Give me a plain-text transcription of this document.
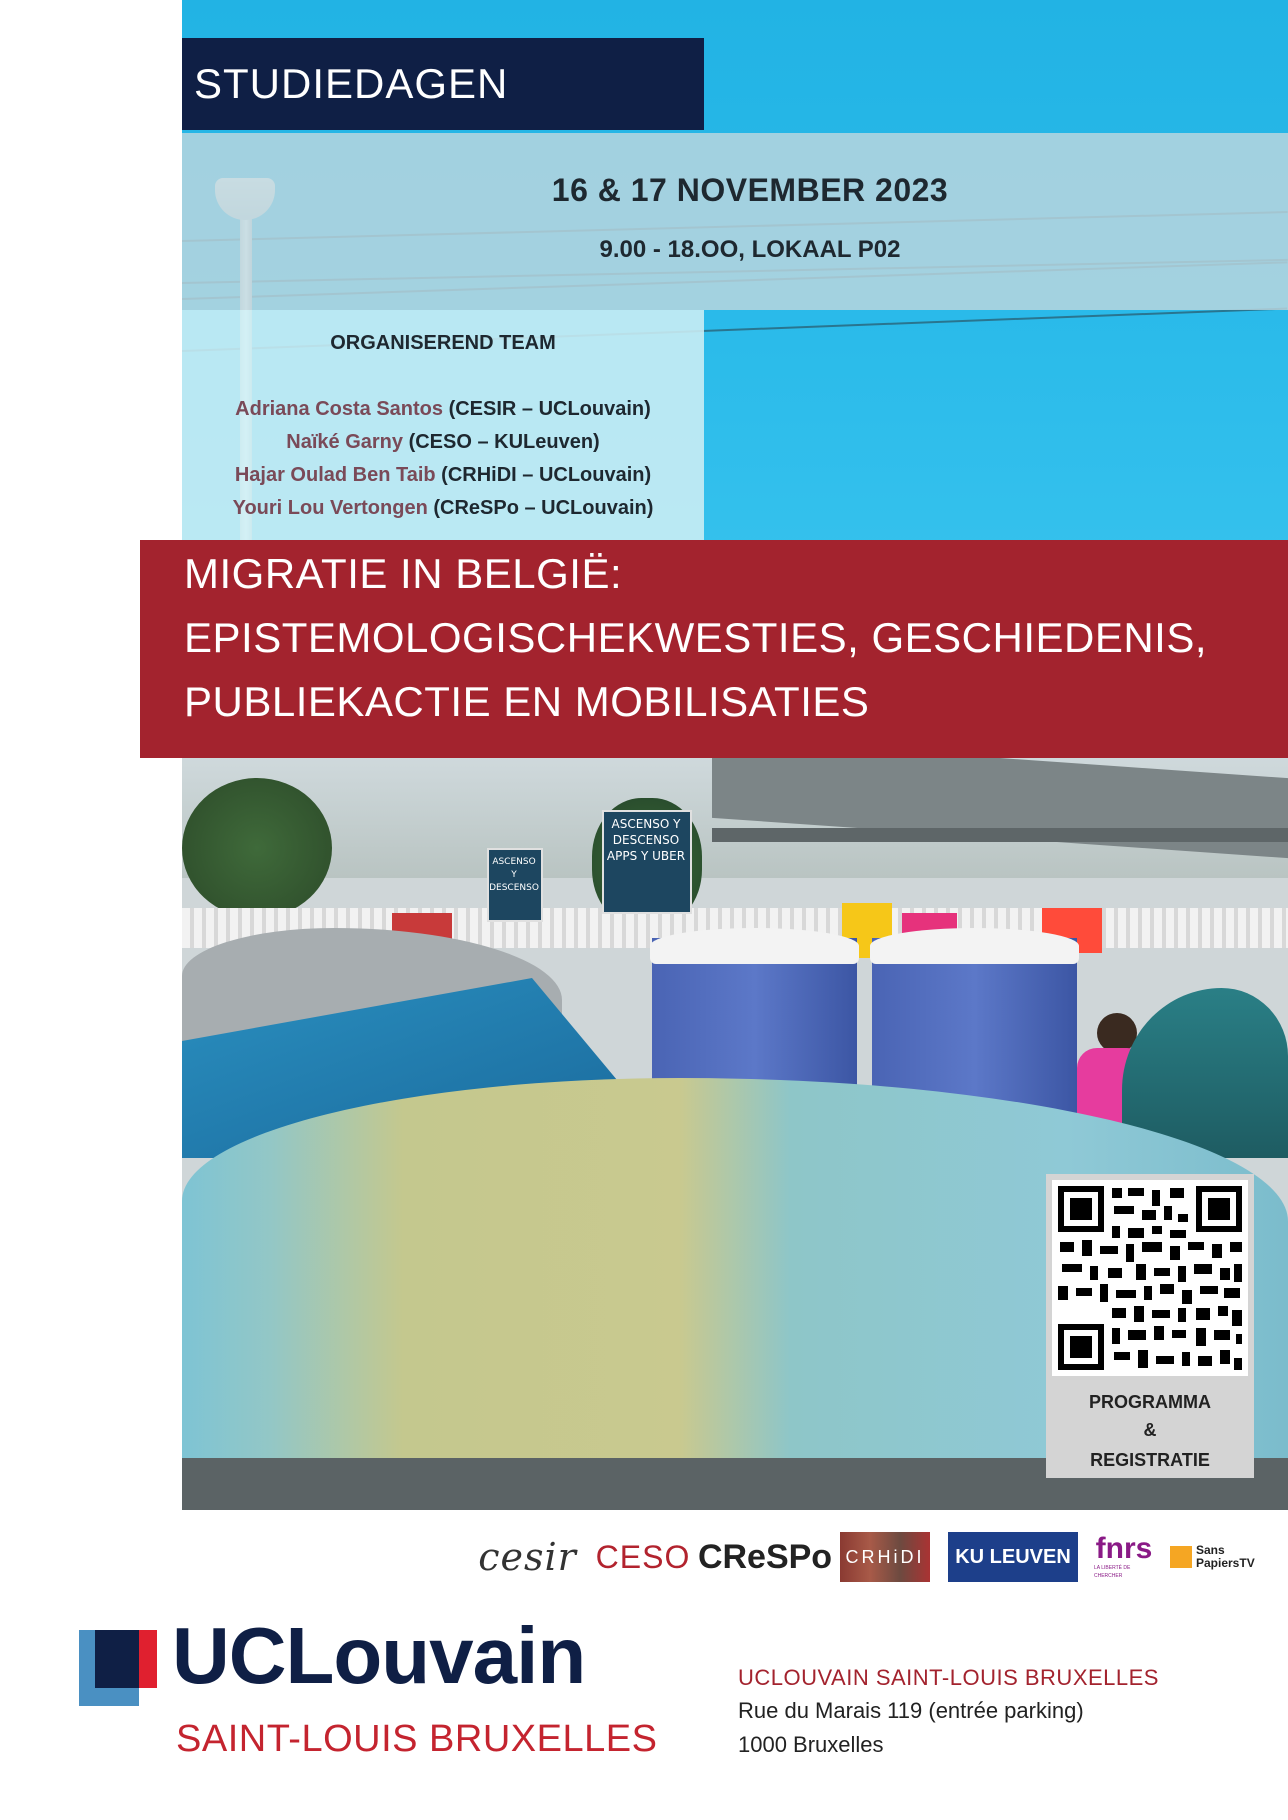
STUDIEDAGEN
16 & 17 NOVEMBER 2023
9.00 - 18.OO, LOKAAL P02
ORGANISEREND TEAM
Adriana Costa Santos (CESIR – UCLouvain)
Naïké Garny (CESO – KULeuven)
Hajar Oulad Ben Taib (CRHiDI – UCLouvain)
Youri Lou Vertongen (CReSPo – UCLouvain)
MIGRATIE IN BELGIË:
EPISTEMOLOGISCHEKWESTIES, GESCHIEDENIS,
PUBLIEKACTIE EN MOBILISATIES
ASCENSO Y DESCENSO APPS Y UBER
ASCENSO Y DESCENSO
PROGRAMMA
&
REGISTRATIE
cesir CESO CReSPo CRHiDI KU LEUVEN fnrs
LA LIBERTÉ DE CHERCHER
Sans PapiersTV
UCLouvain
SAINT-LOUIS BRUXELLES
UCLOUVAIN SAINT-LOUIS BRUXELLES
Rue du Marais 119 (entrée parking)
1000 Bruxelles
